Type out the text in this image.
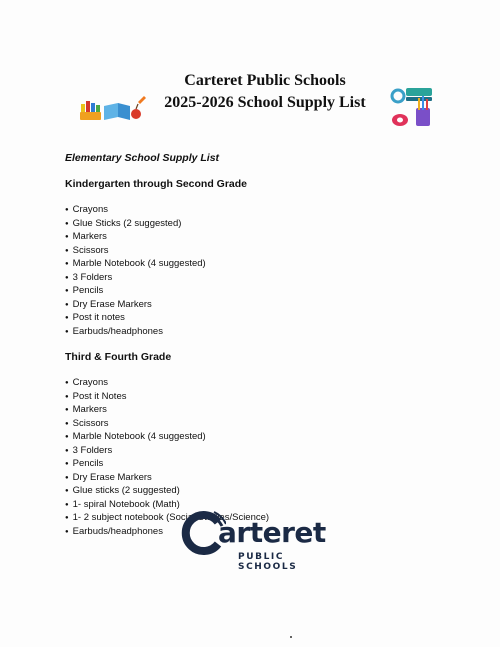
Carteret Public Schools
2025-2026 School Supply List
Elementary School Supply List
Kindergarten through Second Grade
● Crayons
● Glue Sticks (2 suggested)
● Markers
● Scissors
● Marble Notebook (4 suggested)
● 3 Folders
● Pencils
● Dry Erase Markers
● Post it notes
● Earbuds/headphones
Third & Fourth Grade
● Crayons
● Post it Notes
● Markers
● Scissors
● Marble Notebook (4 suggested)
● 3 Folders
● Pencils
● Dry Erase Markers
● Glue sticks (2 suggested)
● 1- spiral Notebook (Math)
● 1- 2 subject notebook (Social Studies/Science)
● Earbuds/headphones	arteret
PUBLIC SCHOOLS
